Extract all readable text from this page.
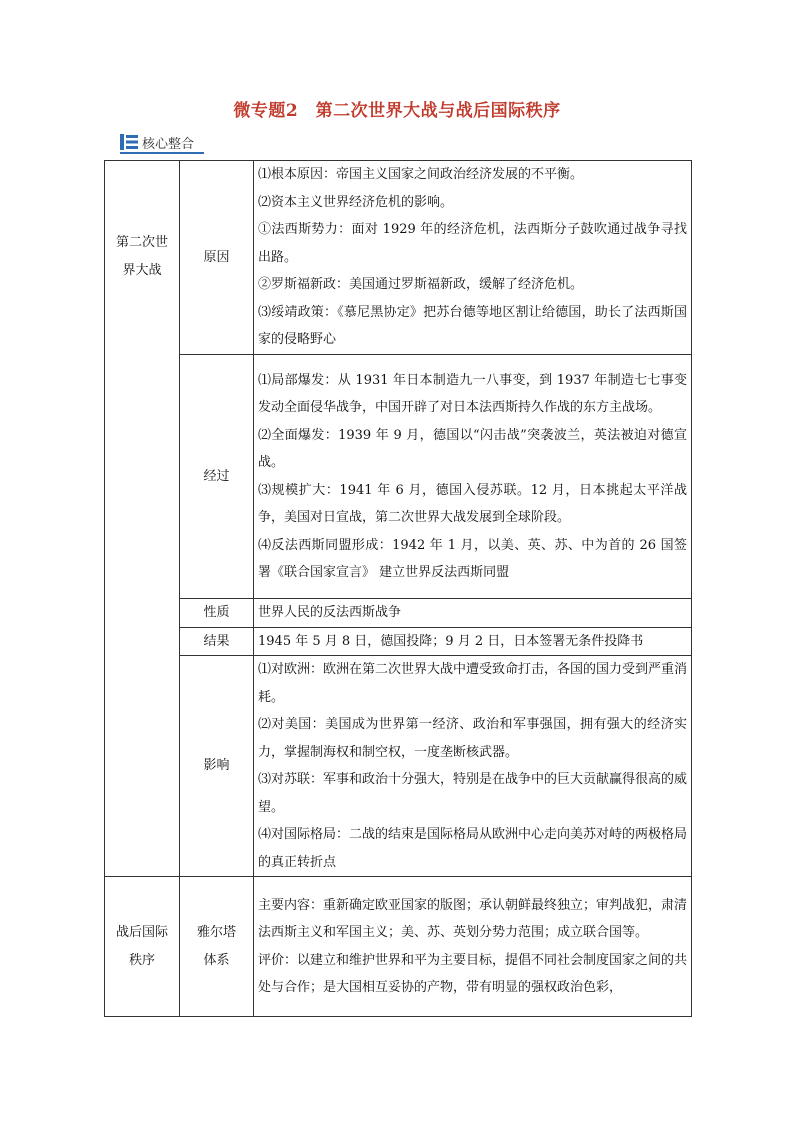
微专题2　第二次世界大战与战后国际秩序
核心整合
第二次世界大战	原因	⑴根本原因：帝国主义国家之间政治经济发展的不平衡。

⑵资本主义世界经济危机的影响。

①法西斯势力：面对 1929 年的经济危机，法西斯分子鼓吹通过战争寻找出路。

②罗斯福新政：美国通过罗斯福新政，缓解了经济危机。

⑶绥靖政策：《慕尼黑协定》把苏台德等地区割让给德国，助长了法西斯国家的侵略野心

	经过	⑴局部爆发：从 1931 年日本制造九一八事变，到 1937 年制造七七事变发动全面侵华战争，中国开辟了对日本法西斯持久作战的东方主战场。

⑵全面爆发：1939 年 9 月，德国以“闪击战”突袭波兰，英法被迫对德宣战。

⑶规模扩大：1941 年 6 月，德国入侵苏联。12 月，日本挑起太平洋战争，美国对日宣战，第二次世界大战发展到全球阶段。

⑷反法西斯同盟形成：1942 年 1 月，以美、英、苏、中为首的 26 国签署《联合国家宣言》 建立世界反法西斯同盟

	性质	世界人民的反法西斯战争
	结果	1945 年 5 月 8 日，德国投降；9 月 2 日，日本签署无条件投降书
	影响	⑴对欧洲：欧洲在第二次世界大战中遭受致命打击，各国的国力受到严重消耗。

⑵对美国：美国成为世界第一经济、政治和军事强国，拥有强大的经济实力，掌握制海权和制空权，一度垄断核武器。

⑶对苏联：军事和政治十分强大，特别是在战争中的巨大贡献赢得很高的威望。

⑷对国际格局：二战的结束是国际格局从欧洲中心走向美苏对峙的两极格局的真正转折点

战后国际秩序	雅尔塔体系	主要内容：重新确定欧亚国家的版图；承认朝鲜最终独立；审判战犯，肃清法西斯主义和军国主义；美、苏、英划分势力范围；成立联合国等。

评价：以建立和维护世界和平为主要目标，提倡不同社会制度国家之间的共处与合作；是大国相互妥协的产物，带有明显的强权政治色彩，
